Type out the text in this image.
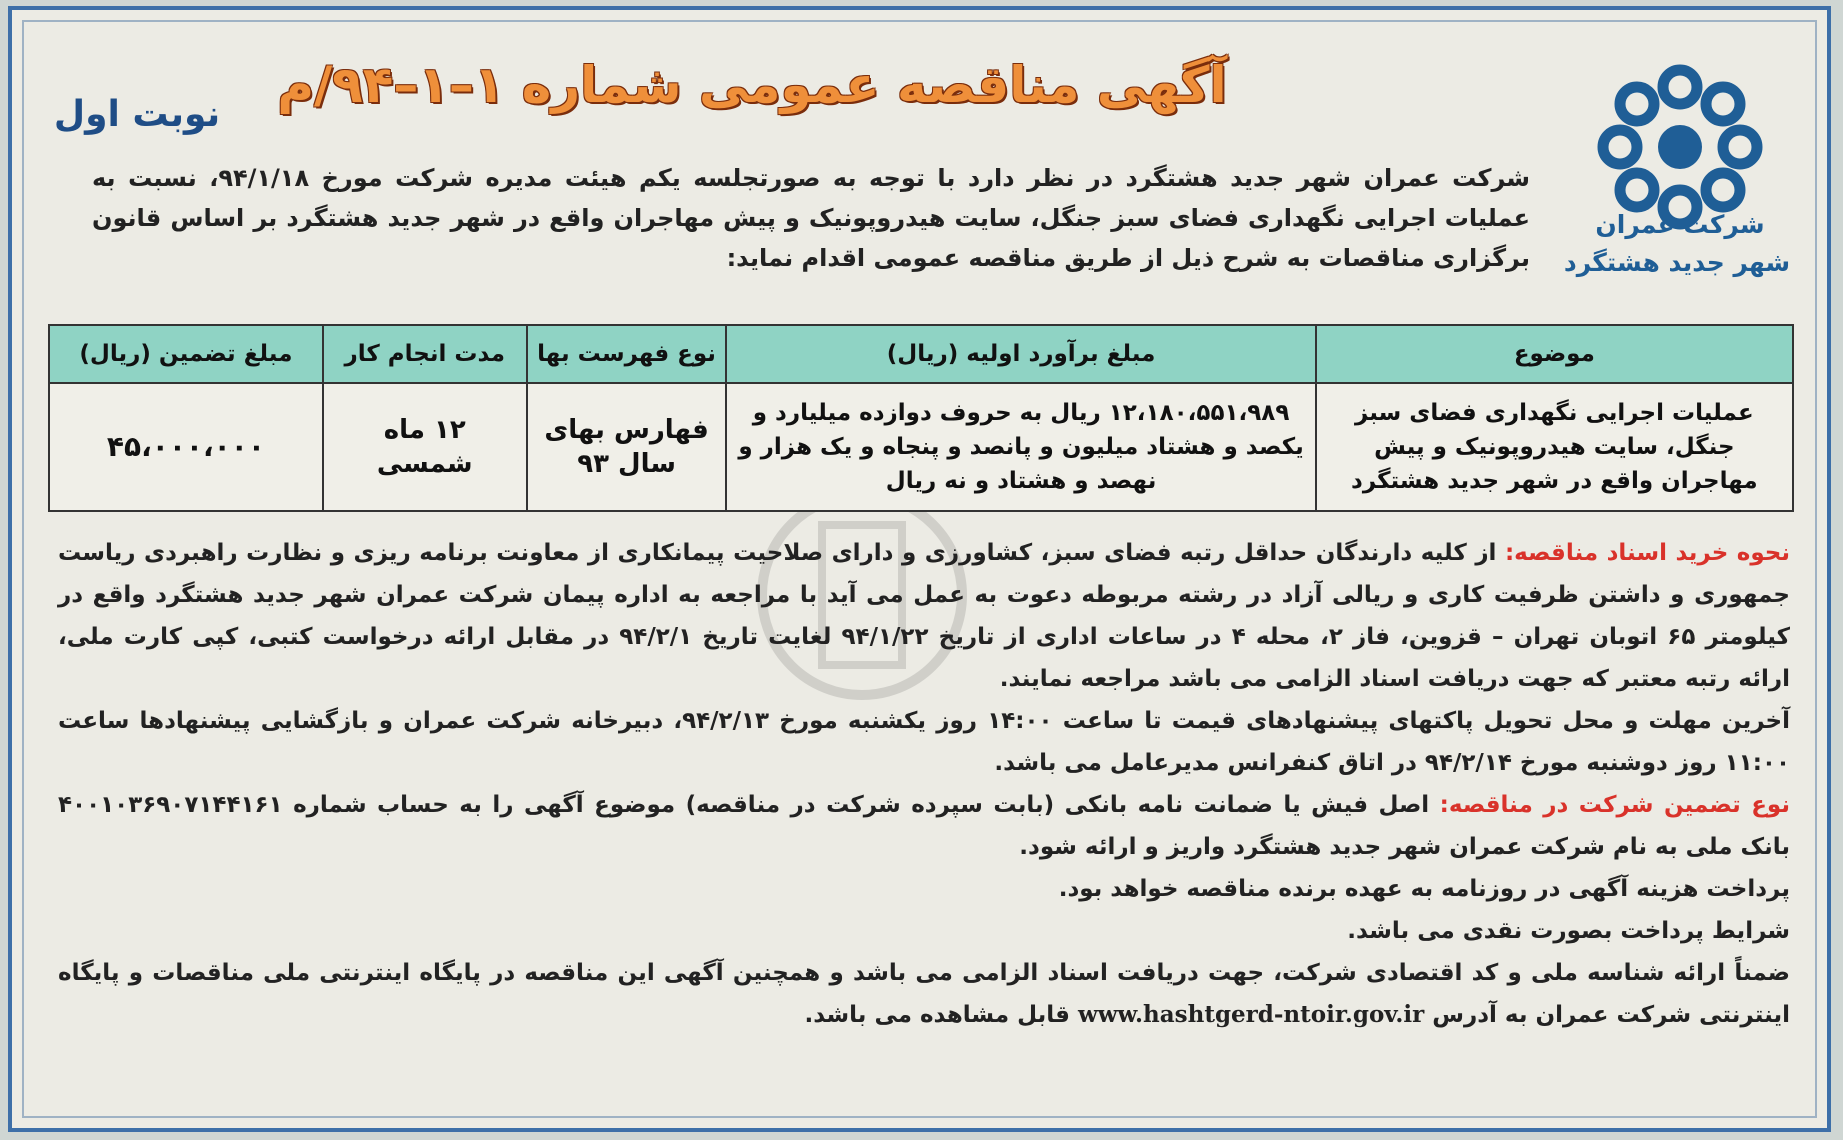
شرکت عمران
شهر جدید هشتگرد
آگهی مناقصه عمومی شماره ۱–۱–۹۴/م
نوبت اول
شرکت عمران شهر جدید هشتگرد در نظر دارد با توجه به صورتجلسه یکم هیئت مدیره شرکت مورخ ۹۴/۱/۱۸، نسبت به عملیات اجرایی نگهداری فضای سبز جنگل، سایت هیدروپونیک و پیش مهاجران واقع در شهر جدید هشتگرد بر اساس قانون برگزاری مناقصات به شرح ذیل از طریق مناقصه عمومی اقدام نماید:
موضوع	مبلغ برآورد اولیه (ریال)	نوع فهرست بها	مدت انجام کار	مبلغ تضمین (ریال)
عملیات اجرایی نگهداری فضای سبز جنگل، سایت هیدروپونیک و پیش مهاجران واقع در شهر جدید هشتگرد	۱۲،۱۸۰،۵۵۱،۹۸۹ ریال به حروف دوازده میلیارد و یکصد و هشتاد میلیون و پانصد و پنجاه و یک هزار و نهصد و هشتاد و نه ریال	فهارس بهای سال ۹۳	۱۲ ماه شمسی	۴۵،۰۰۰،۰۰۰

نحوه خرید اسناد مناقصه: از کلیه دارندگان حداقل رتبه فضای سبز، کشاورزی و دارای صلاحیت پیمانکاری از معاونت برنامه ریزی و نظارت راهبردی ریاست جمهوری و داشتن ظرفیت کاری و ریالی آزاد در رشته مربوطه دعوت به عمل می آید با مراجعه به اداره پیمان شرکت عمران شهر جدید هشتگرد واقع در کیلومتر ۶۵ اتوبان تهران – قزوین، فاز ۲، محله ۴ در ساعات اداری از تاریخ ۹۴/۱/۲۲ لغایت تاریخ ۹۴/۲/۱ در مقابل ارائه درخواست کتبی، کپی کارت ملی، ارائه رتبه معتبر که جهت دریافت اسناد الزامی می باشد مراجعه نمایند.

آخرین مهلت و محل تحویل پاکتهای پیشنهادهای قیمت تا ساعت ۱۴:۰۰ روز یکشنبه مورخ ۹۴/۲/۱۳، دبیرخانه شرکت عمران و بازگشایی پیشنهادها ساعت ۱۱:۰۰ روز دوشنبه مورخ ۹۴/۲/۱۴ در اتاق کنفرانس مدیرعامل می باشد.

نوع تضمین شرکت در مناقصه: اصل فیش یا ضمانت نامه بانکی (بابت سپرده شرکت در مناقصه) موضوع آگهی را به حساب شماره ۴۰۰۱۰۳۶۹۰۷۱۴۴۱۶۱ بانک ملی به نام شرکت عمران شهر جدید هشتگرد واریز و ارائه شود.

پرداخت هزینه آگهی در روزنامه به عهده برنده مناقصه خواهد بود.

شرایط پرداخت بصورت نقدی می باشد.

ضمناً ارائه شناسه ملی و کد اقتصادی شرکت، جهت دریافت اسناد الزامی می باشد و همچنین آگهی این مناقصه در پایگاه اینترنتی ملی مناقصات و پایگاه اینترنتی شرکت عمران به آدرس www.hashtgerd-ntoir.gov.ir قابل مشاهده می باشد.
